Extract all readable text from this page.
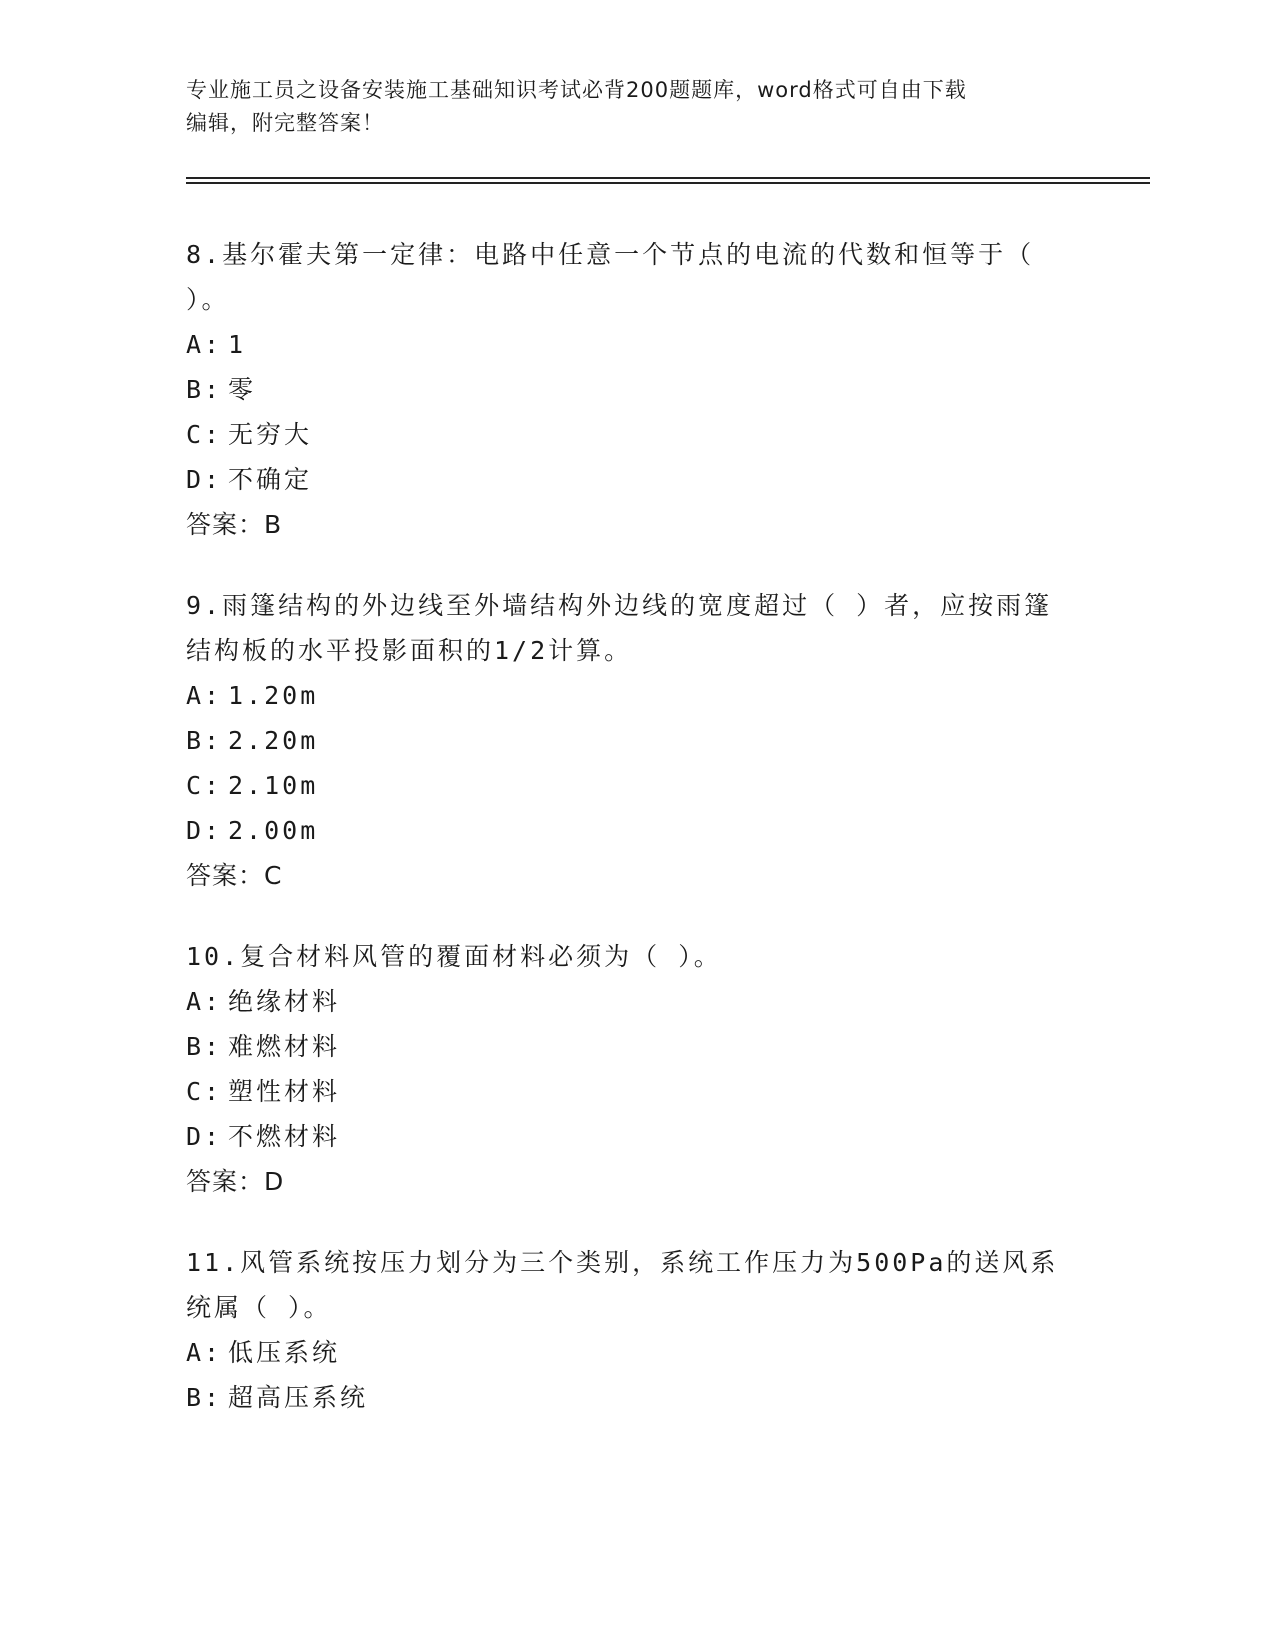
专业施工员之设备安装施工基础知识考试必背200题题库，word格式可自由下载
编辑，附完整答案！

8.基尔霍夫第一定律：电路中任意一个节点的电流的代数和恒等于（

）。

A: 1

B: 零

C: 无穷大

D: 不确定

答案：B

9.雨篷结构的外边线至外墙结构外边线的宽度超过（ ）者，应按雨篷

结构板的水平投影面积的1/2计算。

A: 1.20m

B: 2.20m

C: 2.10m

D: 2.00m

答案：C

10.复合材料风管的覆面材料必须为（ ）。

A: 绝缘材料

B: 难燃材料

C: 塑性材料

D: 不燃材料

答案：D

11.风管系统按压力划分为三个类别，系统工作压力为500Pa的送风系

统属（ ）。

A: 低压系统

B: 超高压系统
